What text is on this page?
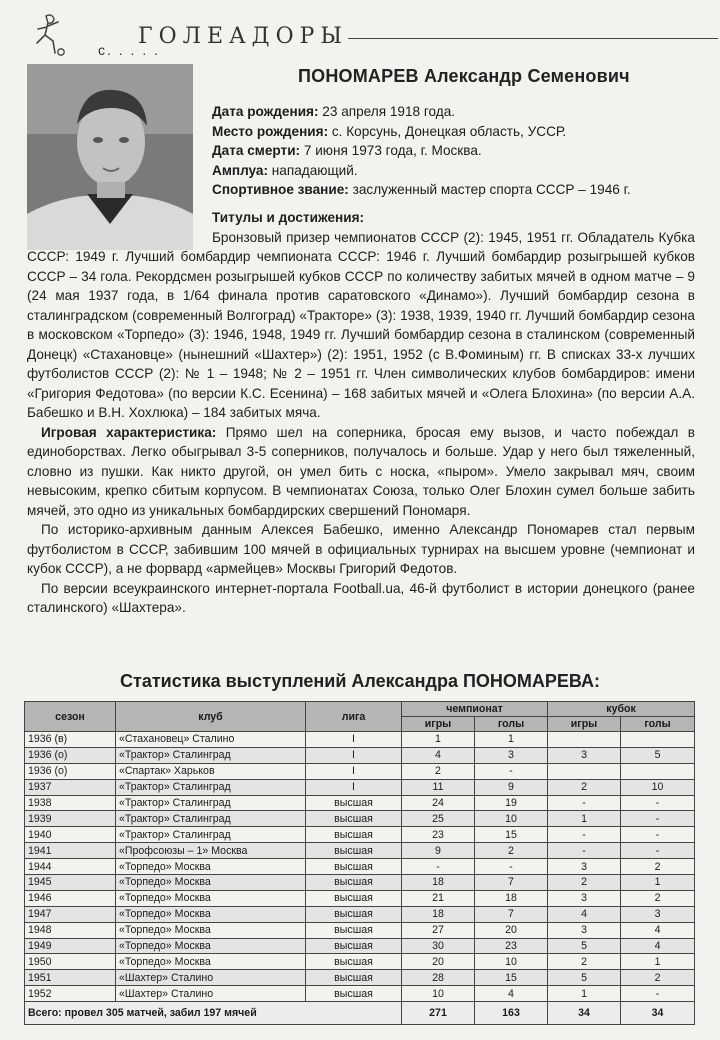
с. . . . .
ГОЛЕАДОРЫ
ПОНОМАРЕВ Александр Семенович
Дата рождения: 23 апреля 1918 года.
Место рождения: с. Корсунь, Донецкая область, УССР.
Дата смерти: 7 июня 1973 года, г. Москва.
Амплуа: нападающий.
Спортивное звание: заслуженный мастер спорта СССР – 1946 г.

Титулы и достижения:

Бронзовый призер чемпионатов СССР (2): 1945, 1951 гг. Обладатель Кубка СССР: 1949 г. Лучший бомбардир чемпионата СССР: 1946 г. Лучший бомбардир розыгрышей кубков СССР – 34 гола. Рекордсмен розыгрышей кубков СССР по количеству забитых мячей в одном матче – 9 (24 мая 1937 года, в 1/64 финала против саратовского «Динамо»). Лучший бомбардир сезона в сталинградском (современный Волгоград) «Тракторе» (3): 1938, 1939, 1940 гг. Лучший бомбардир сезона в московском «Торпедо» (3): 1946, 1948, 1949 гг. Лучший бомбардир сезона в сталинском (современный Донецк) «Стахановце» (нынешний «Шахтер») (2): 1951, 1952 (с В.Фоминым) гг. В списках 33-х лучших футболистов СССР (2): № 1 – 1948; № 2 – 1951 гг. Член символических клубов бомбардиров: имени «Григория Федотова» (по версии К.С. Есенина) – 168 забитых мячей и «Олега Блохина» (по версии А.А. Бабешко и В.Н. Хохлюка) – 184 забитых мяча.

Игровая характеристика: Прямо шел на соперника, бросая ему вызов, и часто побеждал в единоборствах. Легко обыгрывал 3-5 соперников, получалось и больше. Удар у него был тяжеленный, словно из пушки. Как никто другой, он умел бить с носка, «пыром». Умело закрывал мяч, своим невысоким, крепко сбитым корпусом. В чемпионатах Союза, только Олег Блохин сумел больше забить мячей, это одно из уникальных бомбардирских свершений Пономаря.

По историко-архивным данным Алексея Бабешко, именно Александр Пономарев стал первым футболистом в СССР, забившим 100 мячей в официальных турнирах на высшем уровне (чемпионат и кубок СССР), а не форвард «армейцев» Москвы Григорий Федотов.

По версии всеукраинского интернет-портала Football.ua, 46-й футболист в истории донецкого (ранее сталинского) «Шахтера».

Статистика выступлений Александра ПОНОМАРЕВА:
сезон	клуб	лига	чемпионат		кубок	
			игры	голы	игры	голы
1936 (в)	«Стахановец» Сталино	I	1	1		
1936 (о)	«Трактор» Сталинград	I	4	3	3	5
1936 (о)	«Спартак» Харьков	I	2	-		
1937	«Трактор» Сталинград	I	11	9	2	10
1938	«Трактор» Сталинград	высшая	24	19	-	-
1939	«Трактор» Сталинград	высшая	25	10	1	-
1940	«Трактор» Сталинград	высшая	23	15	-	-
1941	«Профсоюзы – 1» Москва	высшая	9	2	-	-
1944	«Торпедо» Москва	высшая	-	-	3	2
1945	«Торпедо» Москва	высшая	18	7	2	1
1946	«Торпедо» Москва	высшая	21	18	3	2
1947	«Торпедо» Москва	высшая	18	7	4	3
1948	«Торпедо» Москва	высшая	27	20	3	4
1949	«Торпедо» Москва	высшая	30	23	5	4
1950	«Торпедо» Москва	высшая	20	10	2	1
1951	«Шахтер» Сталино	высшая	28	15	5	2
1952	«Шахтер» Сталино	высшая	10	4	1	-
Всего: провел 305 матчей, забил 197 мячей			271	163	34	34
